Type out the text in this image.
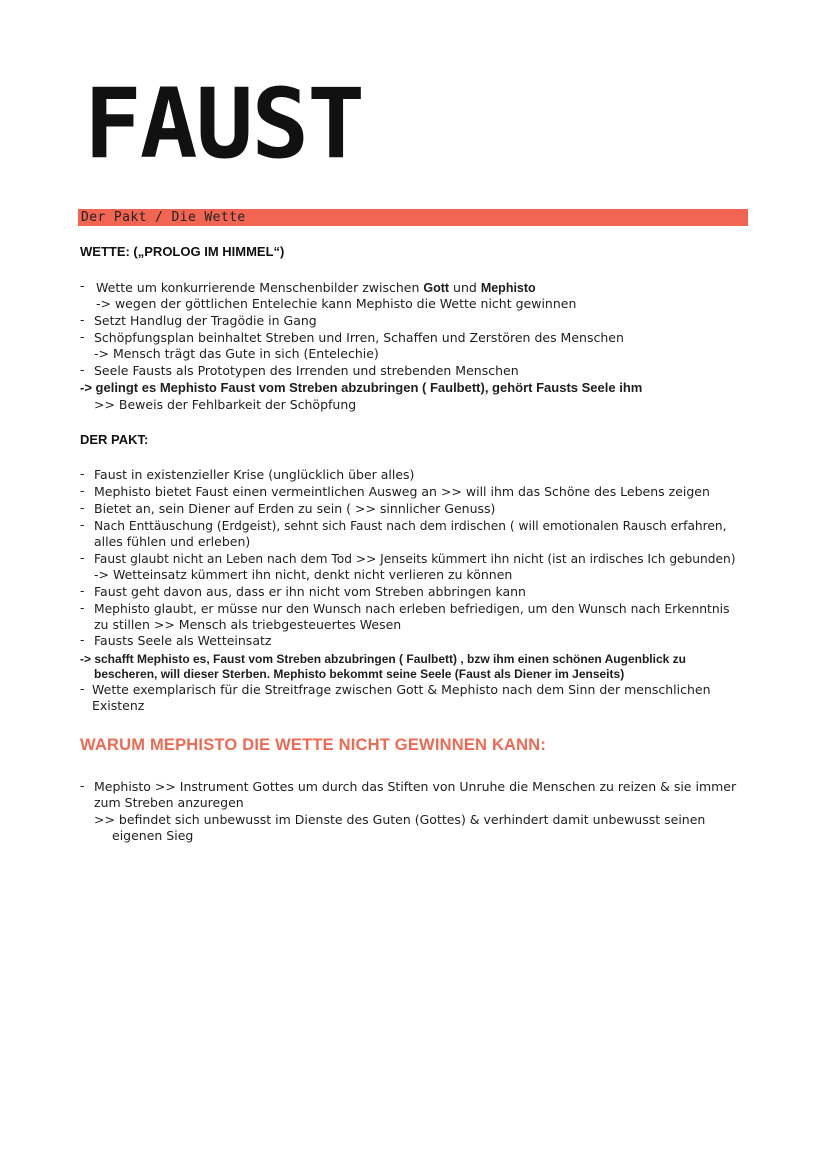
FAUST
Der Pakt / Die Wette
WETTE: („PROLOG IM HIMMEL“)
- Wette um konkurrierende Menschenbilder zwischen Gott und Mephisto
-> wegen der göttlichen Entelechie kann Mephisto die Wette nicht gewinnen
- Setzt Handlug der Tragödie in Gang
- Schöpfungsplan beinhaltet Streben und Irren, Schaffen und Zerstören des Menschen
-> Mensch trägt das Gute in sich (Entelechie)
- Seele Fausts als Prototypen des Irrenden und strebenden Menschen
-> gelingt es Mephisto Faust vom Streben abzubringen ( Faulbett), gehört Fausts Seele ihm
>> Beweis der Fehlbarkeit der Schöpfung
DER PAKT:
- Faust in existenzieller Krise (unglücklich über alles)
- Mephisto bietet Faust einen vermeintlichen Ausweg an >> will ihm das Schöne des Lebens zeigen
- Bietet an, sein Diener auf Erden zu sein ( >> sinnlicher Genuss)
- Nach Enttäuschung (Erdgeist), sehnt sich Faust nach dem irdischen ( will emotionalen Rausch erfahren,
alles fühlen und erleben)
- Faust glaubt nicht an Leben nach dem Tod >> Jenseits kümmert ihn nicht (ist an irdisches Ich gebunden)
-> Wetteinsatz kümmert ihn nicht, denkt nicht verlieren zu können
- Faust geht davon aus, dass er ihn nicht vom Streben abbringen kann
- Mephisto glaubt, er müsse nur den Wunsch nach erleben befriedigen, um den Wunsch nach Erkenntnis
zu stillen >> Mensch als triebgesteuertes Wesen
- Fausts Seele als Wetteinsatz
-> schafft Mephisto es, Faust vom Streben abzubringen ( Faulbett) , bzw ihm einen schönen Augenblick zu
bescheren, will dieser Sterben. Mephisto bekommt seine Seele (Faust als Diener im Jenseits)
- Wette exemplarisch für die Streitfrage zwischen Gott & Mephisto nach dem Sinn der menschlichen
Existenz
WARUM MEPHISTO DIE WETTE NICHT GEWINNEN KANN:
- Mephisto >> Instrument Gottes um durch das Stiften von Unruhe die Menschen zu reizen & sie immer
zum Streben anzuregen
>> befindet sich unbewusst im Dienste des Guten (Gottes) & verhindert damit unbewusst seinen
eigenen Sieg
